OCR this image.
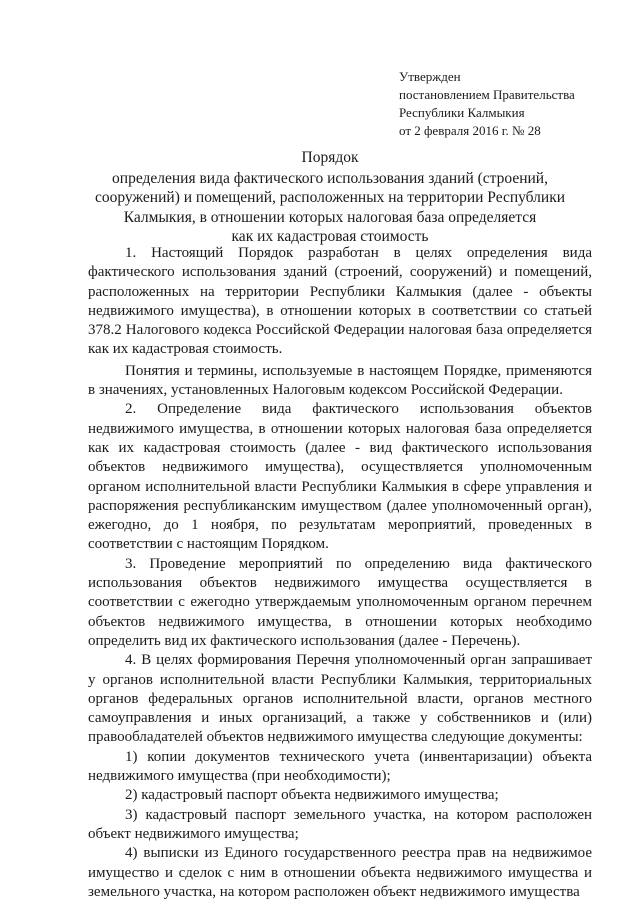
Утвержден
постановлением Правительства
Республики Калмыкия
от 2 февраля 2016 г. № 28
Порядок
определения вида фактического использования зданий (строений,
сооружений) и помещений, расположенных на территории Республики
Калмыкия, в отношении которых налоговая база определяется
как их кадастровая стоимость

1. Настоящий Порядок разработан в целях определения вида фактического использования зданий (строений, сооружений) и помещений, расположенных на территории Республики Калмыкия (далее - объекты недвижимого имущества), в отношении которых в соответствии со статьей 378.2 Налогового кодекса Российской Федерации налоговая база определяется как их кадастровая стоимость.

Понятия и термины, используемые в настоящем Порядке, применяются в значениях, установленных Налоговым кодексом Российской Федерации.

2. Определение вида фактического использования объектов недвижимого имущества, в отношении которых налоговая база определяется как их кадастровая стоимость (далее - вид фактического использования объектов недвижимого имущества), осуществляется уполномоченным органом исполнительной власти Республики Калмыкия в сфере управления и распоряжения республиканским имуществом (далее уполномоченный орган), ежегодно, до 1 ноября, по результатам мероприятий, проведенных в соответствии с настоящим Порядком.

3. Проведение мероприятий по определению вида фактического использования объектов недвижимого имущества осуществляется в соответствии с ежегодно утверждаемым уполномоченным органом перечнем объектов недвижимого имущества, в отношении которых необходимо определить вид их фактического использования (далее - Перечень).

4. В целях формирования Перечня уполномоченный орган запрашивает у органов исполнительной власти Республики Калмыкия, территориальных органов федеральных органов исполнительной власти, органов местного самоуправления и иных организаций, а также у собственников и (или) правообладателей объектов недвижимого имущества следующие документы:

1) копии документов технического учета (инвентаризации) объекта недвижимого имущества (при необходимости);

2) кадастровый паспорт объекта недвижимого имущества;

3) кадастровый паспорт земельного участка, на котором расположен объект недвижимого имущества;

4) выписки из Единого государственного реестра прав на недвижимое имущество и сделок с ним в отношении объекта недвижимого имущества и земельного участка, на котором расположен объект недвижимого имущества
